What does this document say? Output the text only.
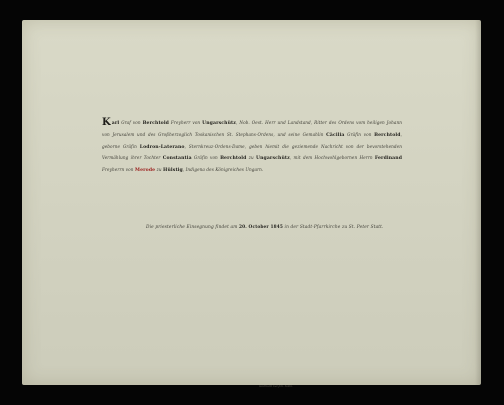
Karl Graf von Berchtold Freyherr von Ungarschütz, Nob. Oest. Herr und Landstand, Ritter des Ordens vom heiligen Johann von Jerusalem und des Großherzoglich Toskanischen St. Stephans-Ordens, und seine Gemahlin Cäcilia Gräfin von Berchtold, geborne Gräfin Lodron-Laterano, Sternkreuz-Ordens-Dame, geben hiemit die geziemende Nachricht von der bevorstehenden Vermählung ihrer Tochter Constantia Gräfin von Berchtold zu Ungarschütz, mit dem Hochwohlgebornen Herrn Ferdinand Freyherrn von Merode zu Hülstig, Indigena des Königreiches Ungarn.

Die priesterliche Einsegnung findet am 20. October 1845 in der Stadt-Pfarrkirche zu St. Peter Statt.
Gedruckt bei Joh. Sohn.
